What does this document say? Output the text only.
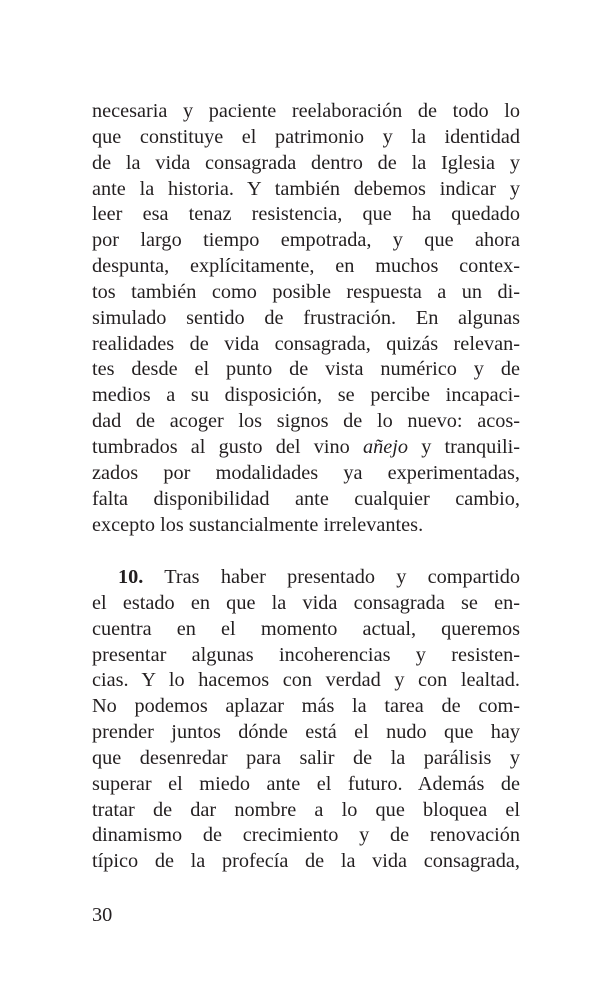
necesaria y paciente reelaboración de todo lo
que constituye el patrimonio y la identidad
de la vida consagrada dentro de la Iglesia y
ante la historia. Y también debemos indicar y
leer esa tenaz resistencia, que ha quedado
por largo tiempo empotrada, y que ahora
despunta, explícitamente, en muchos contex-
tos también como posible respuesta a un di-
simulado sentido de frustración. En algunas
realidades de vida consagrada, quizás relevan-
tes desde el punto de vista numérico y de
medios a su disposición, se percibe incapaci-
dad de acoger los signos de lo nuevo: acos-
tumbrados al gusto del vino añejo y tranquili-
zados por modalidades ya experimentadas,
falta disponibilidad ante cualquier cambio,
excepto los sustancialmente irrelevantes.
10. Tras haber presentado y compartido
el estado en que la vida consagrada se en-
cuentra en el momento actual, queremos
presentar algunas incoherencias y resisten-
cias. Y lo hacemos con verdad y con lealtad.
No podemos aplazar más la tarea de com-
prender juntos dónde está el nudo que hay
que desenredar para salir de la parálisis y
superar el miedo ante el futuro. Además de
tratar de dar nombre a lo que bloquea el
dinamismo de crecimiento y de renovación
típico de la profecía de la vida consagrada,
30
